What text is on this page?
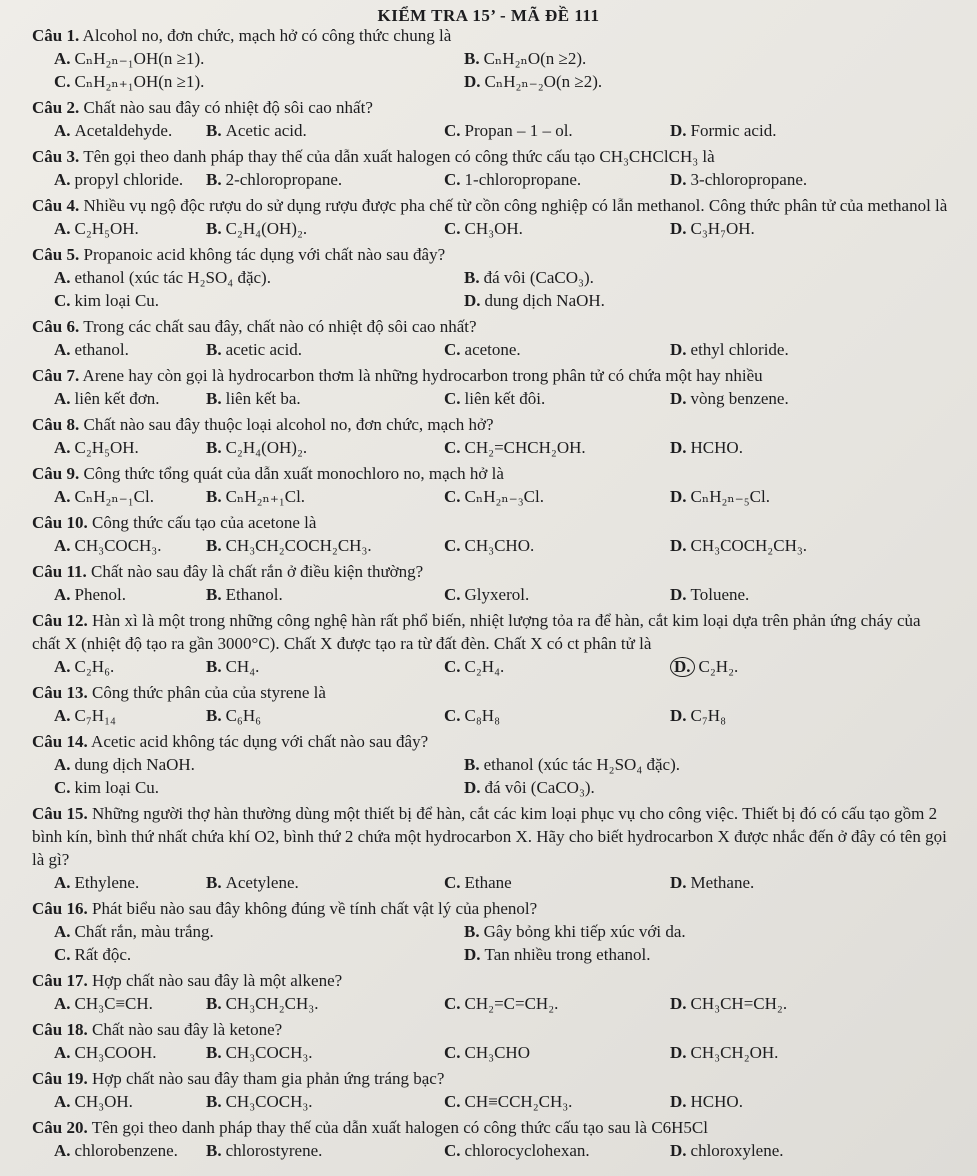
KIỂM TRA 15’ - MÃ ĐỀ 111
Câu 1. Alcohol no, đơn chức, mạch hở có công thức chung là
A. CₙH₂ₙ₋₁OH(n ≥1).	B. CₙH₂ₙO(n ≥2).
C. CₙH₂ₙ₊₁OH(n ≥1).	D. CₙH₂ₙ₋₂O(n ≥2).
Câu 2. Chất nào sau đây có nhiệt độ sôi cao nhất?
A. Acetaldehyde.	B. Acetic acid.	C. Propan – 1 – ol.	D. Formic acid.
Câu 3. Tên gọi theo danh pháp thay thế của dẫn xuất halogen có công thức cấu tạo CH₃CHClCH₃ là
A. propyl chloride.	B. 2-chloropropane.	C. 1-chloropropane.	D. 3-chloropropane.
Câu 4. Nhiều vụ ngộ độc rượu do sử dụng rượu được pha chế từ cồn công nghiệp có lẫn methanol. Công thức phân tử của methanol là
A. C₂H₅OH.	B. C₂H₄(OH)₂.	C. CH₃OH.	D. C₃H₇OH.
Câu 5. Propanoic acid không tác dụng với chất nào sau đây?
A. ethanol (xúc tác H₂SO₄ đặc).	B. đá vôi (CaCO₃).
C. kim loại Cu.	D. dung dịch NaOH.
Câu 6. Trong các chất sau đây, chất nào có nhiệt độ sôi cao nhất?
A. ethanol.	B. acetic acid.	C. acetone.	D. ethyl chloride.
Câu 7. Arene hay còn gọi là hydrocarbon thơm là những hydrocarbon trong phân tử có chứa một hay nhiều
A. liên kết đơn.	B. liên kết ba.	C. liên kết đôi.	D. vòng benzene.
Câu 8. Chất nào sau đây thuộc loại alcohol no, đơn chức, mạch hở?
A. C₂H₅OH.	B. C₂H₄(OH)₂.	C. CH₂=CHCH₂OH.	D. HCHO.
Câu 9. Công thức tổng quát của dẫn xuất monochloro no, mạch hở là
A. CₙH₂ₙ₋₁Cl.	B. CₙH₂ₙ₊₁Cl.	C. CₙH₂ₙ₋₃Cl.	D. CₙH₂ₙ₋₅Cl.
Câu 10. Công thức cấu tạo của acetone là
A. CH₃COCH₃.	B. CH₃CH₂COCH₂CH₃.	C. CH₃CHO.	D. CH₃COCH₂CH₃.
Câu 11. Chất nào sau đây là chất rắn ở điều kiện thường?
A. Phenol.	B. Ethanol.	C. Glyxerol.	D. Toluene.
Câu 12. Hàn xì là một trong những công nghệ hàn rất phổ biến, nhiệt lượng tỏa ra để hàn, cắt kim loại dựa trên phản ứng cháy của chất X (nhiệt độ tạo ra gần 3000°C). Chất X được tạo ra từ đất đèn. Chất X có ct phân tử là
A. C₂H₆.	B. CH₄.	C. C₂H₄.	D. C₂H₂.
Câu 13. Công thức phân của của styrene là
A. C₇H₁₄	B. C₆H₆	C. C₈H₈	D. C₇H₈
Câu 14. Acetic acid không tác dụng với chất nào sau đây?
A. dung dịch NaOH.	B. ethanol (xúc tác H₂SO₄ đặc).
C. kim loại Cu.	D. đá vôi (CaCO₃).
Câu 15. Những người thợ hàn thường dùng một thiết bị để hàn, cắt các kim loại phục vụ cho công việc. Thiết bị đó có cấu tạo gồm 2 bình kín, bình thứ nhất chứa khí O2, bình thứ 2 chứa một hydrocarbon X. Hãy cho biết hydrocarbon X được nhắc đến ở đây có tên gọi là gì?
A. Ethylene.	B. Acetylene.	C. Ethane	D. Methane.
Câu 16. Phát biểu nào sau đây không đúng về tính chất vật lý của phenol?
A. Chất rắn, màu trắng.	B. Gây bỏng khi tiếp xúc với da.
C. Rất độc.	D. Tan nhiều trong ethanol.
Câu 17. Hợp chất nào sau đây là một alkene?
A. CH₃C≡CH.	B. CH₃CH₂CH₃.	C. CH₂=C=CH₂.	D. CH₃CH=CH₂.
Câu 18. Chất nào sau đây là ketone?
A. CH₃COOH.	B. CH₃COCH₃.	C. CH₃CHO	D. CH₃CH₂OH.
Câu 19. Hợp chất nào sau đây tham gia phản ứng tráng bạc?
A. CH₃OH.	B. CH₃COCH₃.	C. CH≡CCH₂CH₃.	D. HCHO.
Câu 20. Tên gọi theo danh pháp thay thế của dẫn xuất halogen có công thức cấu tạo sau là C6H5Cl
A. chlorobenzene.	B. chlorostyrene.	C. chlorocyclohexan.	D. chloroxylene.
